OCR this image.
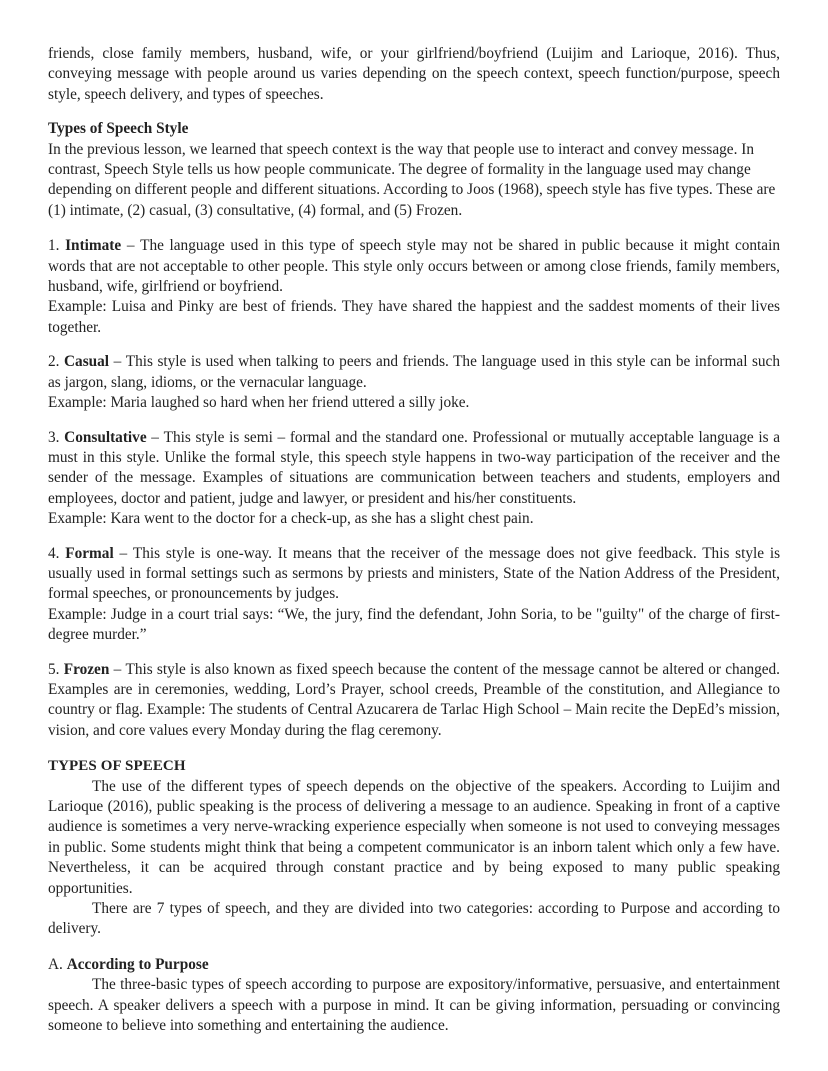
friends, close family members, husband, wife, or your girlfriend/boyfriend (Luijim and Larioque, 2016). Thus, conveying message with people around us varies depending on the speech context, speech function/purpose, speech style, speech delivery, and types of speeches.

Types of Speech Style

In the previous lesson, we learned that speech context is the way that people use to interact and convey message. In contrast, Speech Style tells us how people communicate. The degree of formality in the language used may change depending on different people and different situations. According to Joos (1968), speech style has five types. These are (1) intimate, (2) casual, (3) consultative, (4) formal, and (5) Frozen.

1. Intimate – The language used in this type of speech style may not be shared in public because it might contain words that are not acceptable to other people. This style only occurs between or among close friends, family members, husband, wife, girlfriend or boyfriend.

Example: Luisa and Pinky are best of friends. They have shared the happiest and the saddest moments of their lives together.

2. Casual – This style is used when talking to peers and friends. The language used in this style can be informal such as jargon, slang, idioms, or the vernacular language.

Example: Maria laughed so hard when her friend uttered a silly joke.

3. Consultative – This style is semi – formal and the standard one. Professional or mutually acceptable language is a must in this style. Unlike the formal style, this speech style happens in two-way participation of the receiver and the sender of the message. Examples of situations are communication between teachers and students, employers and employees, doctor and patient, judge and lawyer, or president and his/her constituents.

Example: Kara went to the doctor for a check-up, as she has a slight chest pain.

4. Formal – This style is one-way. It means that the receiver of the message does not give feedback. This style is usually used in formal settings such as sermons by priests and ministers, State of the Nation Address of the President, formal speeches, or pronouncements by judges.

Example: Judge in a court trial says: “We, the jury, find the defendant, John Soria, to be "guilty" of the charge of first-degree murder.”

5. Frozen – This style is also known as fixed speech because the content of the message cannot be altered or changed. Examples are in ceremonies, wedding, Lord’s Prayer, school creeds, Preamble of the constitution, and Allegiance to country or flag. Example: The students of Central Azucarera de Tarlac High School – Main recite the DepEd’s mission, vision, and core values every Monday during the flag ceremony.

TYPES OF SPEECH

The use of the different types of speech depends on the objective of the speakers. According to Luijim and Larioque (2016), public speaking is the process of delivering a message to an audience. Speaking in front of a captive audience is sometimes a very nerve-wracking experience especially when someone is not used to conveying messages in public. Some students might think that being a competent communicator is an inborn talent which only a few have. Nevertheless, it can be acquired through constant practice and by being exposed to many public speaking opportunities.

There are 7 types of speech, and they are divided into two categories: according to Purpose and according to delivery.

A. According to Purpose

The three-basic types of speech according to purpose are expository/informative, persuasive, and entertainment speech. A speaker delivers a speech with a purpose in mind. It can be giving information, persuading or convincing someone to believe into something and entertaining the audience.
